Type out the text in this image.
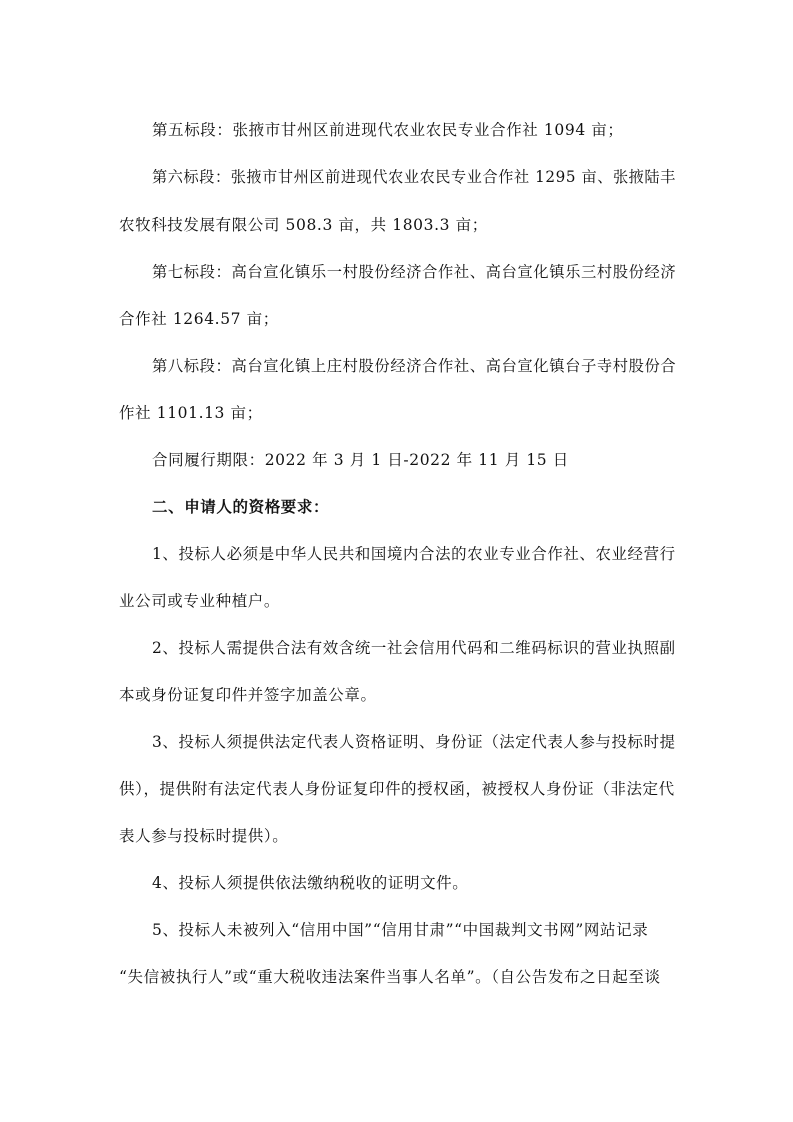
第五标段：张掖市甘州区前进现代农业农民专业合作社 1094 亩；
第六标段：张掖市甘州区前进现代农业农民专业合作社 1295 亩、张掖陆丰
农牧科技发展有限公司 508.3 亩，共 1803.3 亩；
第七标段：高台宣化镇乐一村股份经济合作社、高台宣化镇乐三村股份经济
合作社 1264.57 亩；
第八标段：高台宣化镇上庄村股份经济合作社、高台宣化镇台子寺村股份合
作社 1101.13 亩；
合同履行期限：2022 年 3 月 1 日-2022 年 11 月 15 日
二、申请人的资格要求：
1、投标人必须是中华人民共和国境内合法的农业专业合作社、农业经营行
业公司或专业种植户。
2、投标人需提供合法有效含统一社会信用代码和二维码标识的营业执照副
本或身份证复印件并签字加盖公章。
3、投标人须提供法定代表人资格证明、身份证（法定代表人参与投标时提
供），提供附有法定代表人身份证复印件的授权函，被授权人身份证（非法定代
表人参与投标时提供）。
4、投标人须提供依法缴纳税收的证明文件。
5、投标人未被列入“信用中国”“信用甘肃”“中国裁判文书网”网站记录
“失信被执行人”或“重大税收违法案件当事人名单”。（自公告发布之日起至谈
